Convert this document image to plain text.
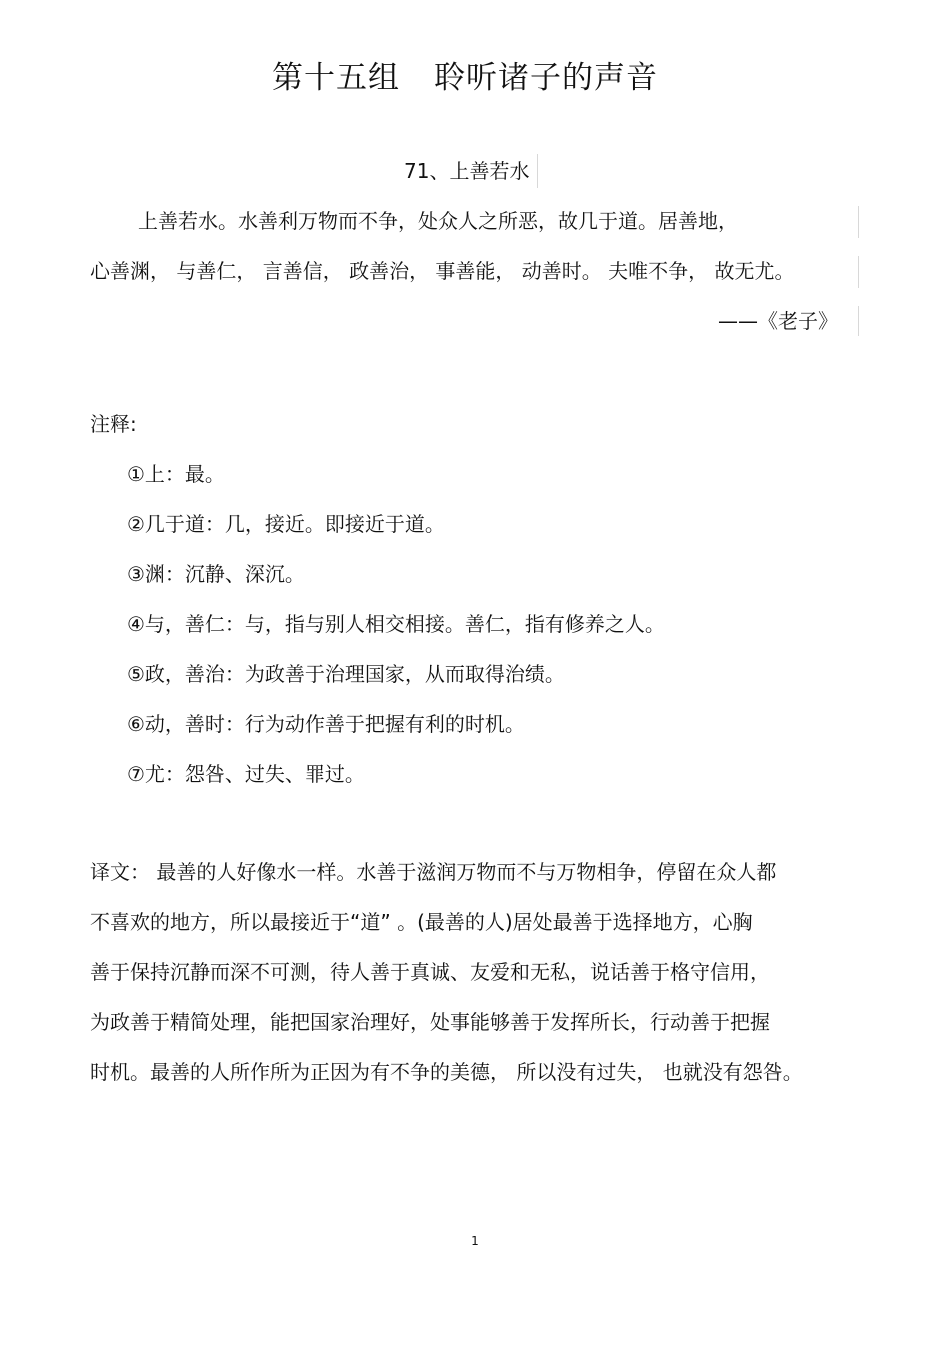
第十五组 聆听诸子的声音
71、上善若水
上善若水。水善利万物而不争，处众人之所恶，故几于道。居善地，
心善渊， 与善仁， 言善信， 政善治， 事善能， 动善时。 夫唯不争， 故无尤。
——《老子》
注释:
①上：最。
②几于道：几，接近。即接近于道。
③渊：沉静、深沉。
④与，善仁：与，指与别人相交相接。善仁，指有修养之人。
⑤政，善治：为政善于治理国家，从而取得治绩。
⑥动，善时：行为动作善于把握有利的时机。
⑦尤：怨咎、过失、罪过。
译文： 最善的人好像水一样。水善于滋润万物而不与万物相争，停留在众人都
不喜欢的地方，所以最接近于“道” 。(最善的人)居处最善于选择地方，心胸
善于保持沉静而深不可测，待人善于真诚、友爱和无私，说话善于格守信用，
为政善于精简处理，能把国家治理好，处事能够善于发挥所长，行动善于把握
时机。最善的人所作所为正因为有不争的美德， 所以没有过失， 也就没有怨咎。
1
